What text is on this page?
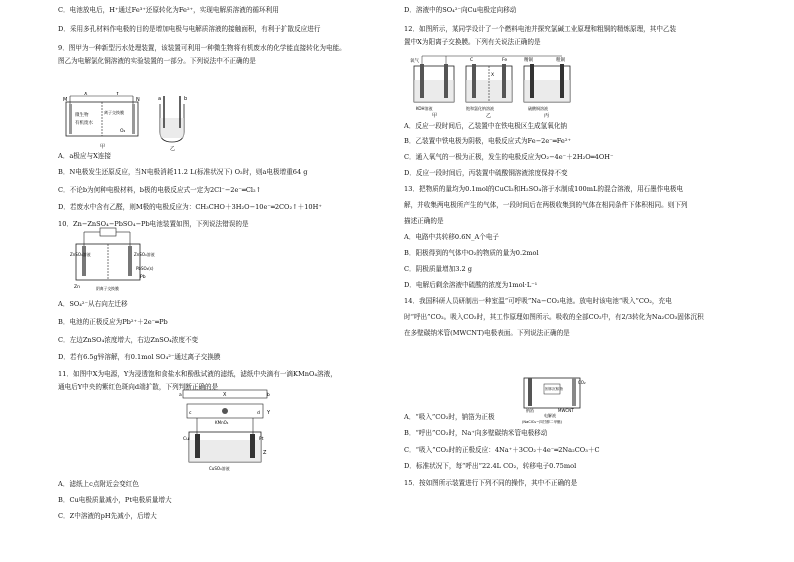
C．电池放电后，H⁺通过Fe³⁺还原转化为Fe²⁺，实现电解质溶液的循环利用
D．采用多孔材料作电极的目的是增加电极与电解质溶液的接触面积，有利于扩散反应进行
9．图甲为一种新型污水处理装置，该装置可利用一种微生物将有机废水的化学能直接转化为电能。
图乙为电解氯化铜溶液的实验装置的一部分。下列说法中不正确的是
A．a极应与X连接
B．N电极发生还原反应，当N电极消耗11.2 L(标准状况下) O₂时，则a电极增重64 g
C．不论b为何种电极材料，b极的电极反应式一定为2Cl⁻−2e⁻═Cl₂↑
D．若废水中含有乙醛，则M极的电极反应为：CH₃CHO＋3H₂O−10e⁻═2CO₂↑＋10H⁺
10．Zn−ZnSO₄−PbSO₄−Pb电池装置如图，下列说法错误的是
A．SO₄²⁻从右向左迁移
B．电池的正极反应为Pb²⁺＋2e⁻═Pb
C．左边ZnSO₄浓度增大，右边ZnSO₄浓度不变
D．若有6.5g锌溶解，有0.1mol SO₄²⁻通过离子交换膜
11．如图中X为电源，Y为浸透饱和食盐水和酚酞试液的滤纸，滤纸中央滴有一滴KMnO₄溶液，
通电后Y中央的紫红色斑向d端扩散，下列判断正确的是
A．滤纸上c点附近会变红色
B．Cu电极质量减小，Pt电极质量增大
C．Z中溶液的pH先减小，后增大
M	N
X	Y
微生物
有机废水
离子交换膜
O₂
甲
a	b
乙
ZnSO₄溶液	ZnSO₄溶液
Zn
PbSO₄(s)
Pb
阴离子交换膜
X
a	b
c	d Y
KMnO₄
Cu	Pt
Z
CuSO₄溶液
D．溶液中的SO₄²⁻向Cu电极定向移动
12．如图所示，某同学设计了一个燃料电池并探究氯碱工业原理和粗铜的精炼原理，其中乙装
置中X为阳离子交换膜。下列有关说法正确的是
A．反应一段时间后，乙装置中在铁电极区生成氢氧化钠
B．乙装置中铁电极为阴极，电极反应式为Fe−2e⁻═Fe²⁺
C．通入氧气的一极为正极，发生的电极反应为O₂−4e⁻＋2H₂O═4OH⁻
D．反应一段时间后，丙装置中硫酸铜溶液浓度保持不变
13．把物质的量均为0.1mol的CuCl₂和H₂SO₄溶于水制成100mL的混合溶液，用石墨作电极电
解，并收集两电极所产生的气体，一段时间后在两极收集到的气体在相同条件下体积相同。则下列
描述正确的是
A．电路中共转移0.6N_A个电子
B．阳极得到的气体中O₂的物质的量为0.2mol
C．阴极质量增加3.2 g
D．电解后剩余溶液中硫酸的浓度为1mol·L⁻¹
14．我国科研人员研制出一种室温“可呼吸”Na−CO₂电池。放电时该电池“吸入”CO₂，充电
时“呼出”CO₂。吸入CO₂时，其工作原理如图所示。吸收的全部CO₂中，有2/3转化为Na₂CO₃固体沉积
在多壁碳纳米管(MWCNT)电极表面。下列说法正确的是
A．“吸入”CO₂时，钠箔为正极
B．“呼出”CO₂时，Na⁺向多壁碳纳米管电极移动
C．“吸入”CO₂时的正极反应：4Na⁺＋3CO₂＋4e⁻═2Na₂CO₃＋C
D．标准状况下，每“呼出”22.4L CO₂，转移电子0.75mol
15．按如图所示装置进行下列不同的操作，其中不正确的是
氧气
KOH溶液
甲
C	Fe
X
饱和氯化钠溶液
乙
精铜	粗铜
硫酸铜溶液
丙
固体沉积物
CO₂
钠箔	MWCNT
电解液
(NaClO₄−四甘醇二甲醚)
